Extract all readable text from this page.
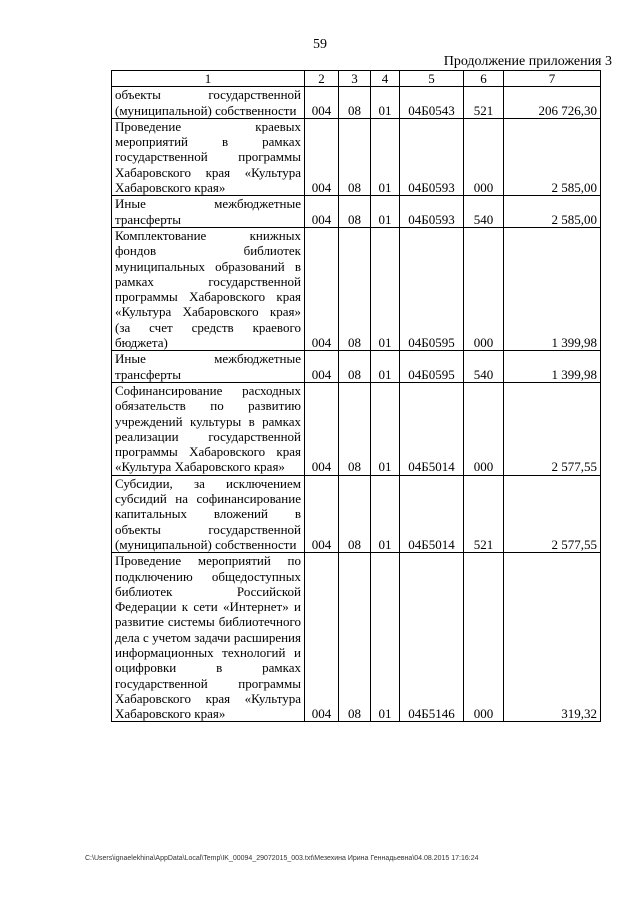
59
Продолжение приложения 3
1	2	3	4	5	6	7

объекты государственной (муниципальной) собственности	004	08	01	04Б0543	521	206 726,30

Проведение краевых мероприятий в рамках государственной программы Хабаровского края «Культура Хабаровского края»	004	08	01	04Б0593	000	2 585,00

Иные межбюджетные трансферты	004	08	01	04Б0593	540	2 585,00

Комплектование книжных фондов библиотек муниципальных образований в рамках государственной программы Хабаровского края «Культура Хабаровского края» (за счет средств краевого бюджета)	004	08	01	04Б0595	000	1 399,98

Иные межбюджетные трансферты	004	08	01	04Б0595	540	1 399,98

Софинансирование расходных обязательств по развитию учреждений культуры в рамках реализации государственной программы Хабаровского края «Культура Хабаровского края»	004	08	01	04Б5014	000	2 577,55

Субсидии, за исключением субсидий на софинансирование капитальных вложений в объекты государственной (муниципальной) собственности	004	08	01	04Б5014	521	2 577,55

Проведение мероприятий по подключению общедоступных библиотек Российской Федерации к сети «Интернет» и развитие системы библиотечного дела с учетом задачи расширения информационных технологий и оцифровки в рамках государственной программы Хабаровского края «Культура Хабаровского края»	004	08	01	04Б5146	000	319,32
C:\Users\ignaelekhina\AppData\Local\Temp\IK_00094_29072015_003.txt\Мезехина Ирина Геннадьевна\04.08.2015 17:16:24
